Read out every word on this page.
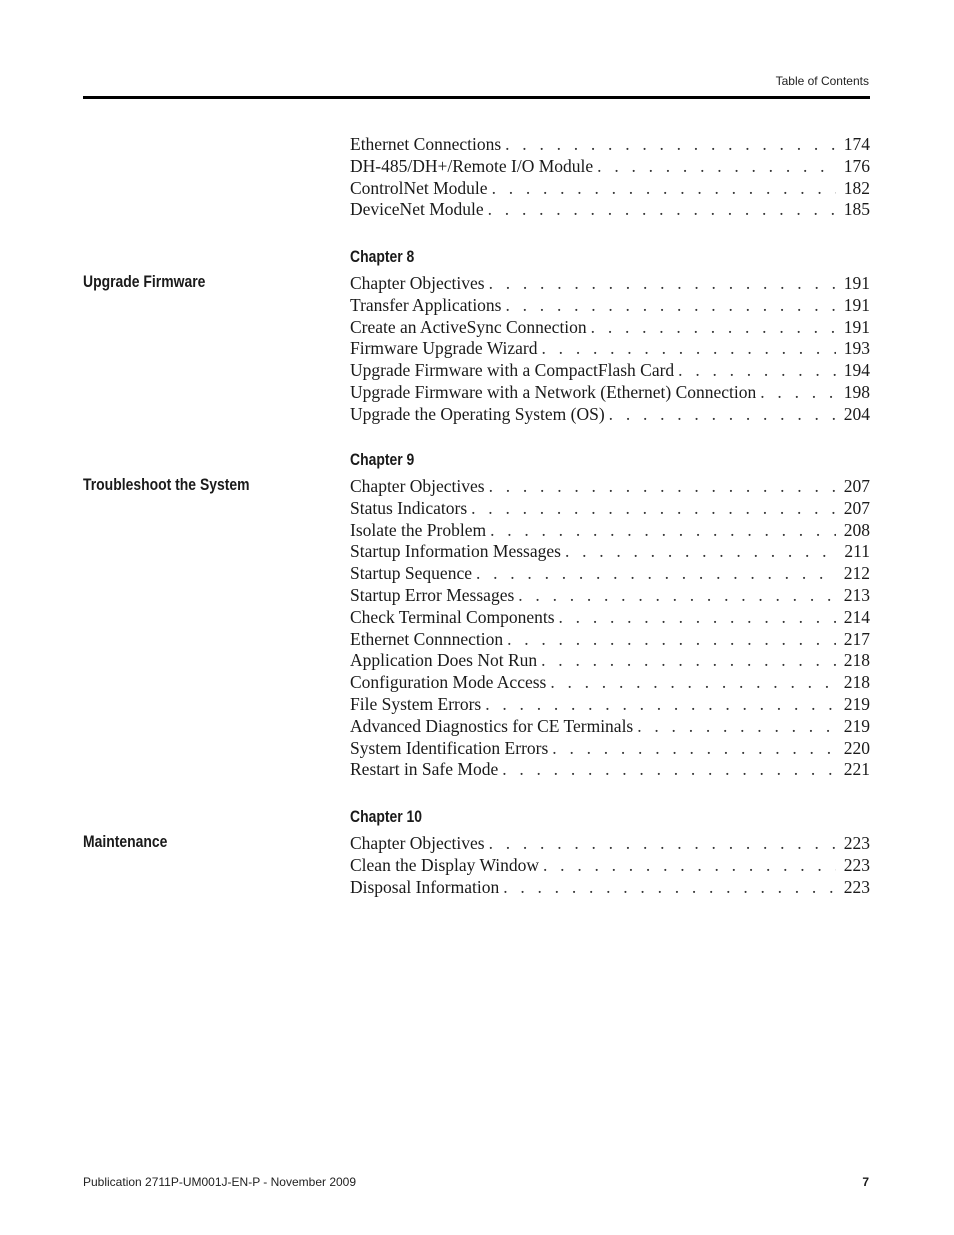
Table of Contents
Ethernet Connections . . .	174
DH-485/DH+/Remote I/O Module . . .	176
ControlNet Module . . .	182
DeviceNet Module . . .	185
Chapter 8
Upgrade Firmware	Chapter Objectives . . .	191
Transfer Applications . . .	191
Create an ActiveSync Connection . . .	191
Firmware Upgrade Wizard . . .	193
Upgrade Firmware with a CompactFlash Card . . .	194
Upgrade Firmware with a Network (Ethernet) Connection . . .	198
Upgrade the Operating System (OS) . . .	204
Chapter 9
Troubleshoot the System	Chapter Objectives . . .	207
Status Indicators . . .	207
Isolate the Problem . . .	208
Startup Information Messages . . .	211
Startup Sequence . . .	212
Startup Error Messages . . .	213
Check Terminal Components . . .	214
Ethernet Connnection . . .	217
Application Does Not Run . . .	218
Configuration Mode Access . . .	218
File System Errors . . .	219
Advanced Diagnostics for CE Terminals . . .	219
System Identification Errors . . .	220
Restart in Safe Mode . . .	221
Chapter 10
Maintenance	Chapter Objectives . . .	223
Clean the Display Window . . .	223
Disposal Information . . .	223
Publication 2711P-UM001J-EN-P - November 2009	7
